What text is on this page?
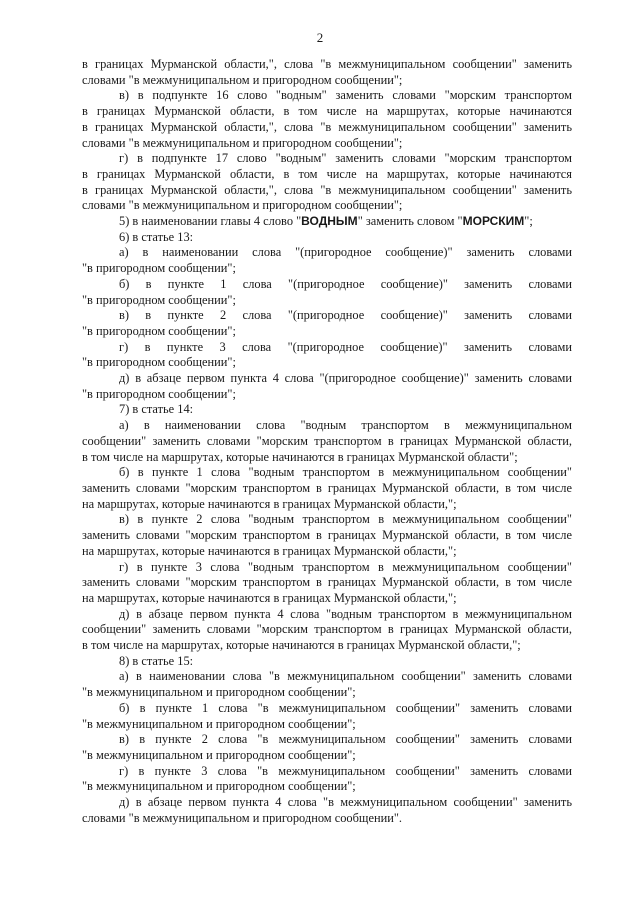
2
в границах Мурманской области,", слова "в межмуниципальном сообщении" заменить
словами "в межмуниципальном и пригородном сообщении";
в) в подпункте 16 слово "водным" заменить словами "морским транспортом
в границах Мурманской области, в том числе на маршрутах, которые начинаются
в границах Мурманской области,", слова "в межмуниципальном сообщении" заменить
словами "в межмуниципальном и пригородном сообщении";
г) в подпункте 17 слово "водным" заменить словами "морским транспортом
в границах Мурманской области, в том числе на маршрутах, которые начинаются
в границах Мурманской области,", слова "в межмуниципальном сообщении" заменить
словами "в межмуниципальном и пригородном сообщении";
5) в наименовании главы 4 слово "ВОДНЫМ" заменить словом "МОРСКИМ";
6) в статье 13:
а) в наименовании слова "(пригородное сообщение)" заменить словами
"в пригородном сообщении";
б) в пункте 1 слова "(пригородное сообщение)" заменить словами
"в пригородном сообщении";
в) в пункте 2 слова "(пригородное сообщение)" заменить словами
"в пригородном сообщении";
г) в пункте 3 слова "(пригородное сообщение)" заменить словами
"в пригородном сообщении";
д) в абзаце первом пункта 4 слова "(пригородное сообщение)" заменить словами
"в пригородном сообщении";
7) в статье 14:
а) в наименовании слова "водным транспортом в межмуниципальном
сообщении" заменить словами "морским транспортом в границах Мурманской области,
в том числе на маршрутах, которые начинаются в границах Мурманской области";
б) в пункте 1 слова "водным транспортом в межмуниципальном сообщении"
заменить словами "морским транспортом в границах Мурманской области, в том числе
на маршрутах, которые начинаются в границах Мурманской области,";
в) в пункте 2 слова "водным транспортом в межмуниципальном сообщении"
заменить словами "морским транспортом в границах Мурманской области, в том числе
на маршрутах, которые начинаются в границах Мурманской области,";
г) в пункте 3 слова "водным транспортом в межмуниципальном сообщении"
заменить словами "морским транспортом в границах Мурманской области, в том числе
на маршрутах, которые начинаются в границах Мурманской области,";
д) в абзаце первом пункта 4 слова "водным транспортом в межмуниципальном
сообщении" заменить словами "морским транспортом в границах Мурманской области,
в том числе на маршрутах, которые начинаются в границах Мурманской области,";
8) в статье 15:
а) в наименовании слова "в межмуниципальном сообщении" заменить словами
"в межмуниципальном и пригородном сообщении";
б) в пункте 1 слова "в межмуниципальном сообщении" заменить словами
"в межмуниципальном и пригородном сообщении";
в) в пункте 2 слова "в межмуниципальном сообщении" заменить словами
"в межмуниципальном и пригородном сообщении";
г) в пункте 3 слова "в межмуниципальном сообщении" заменить словами
"в межмуниципальном и пригородном сообщении";
д) в абзаце первом пункта 4 слова "в межмуниципальном сообщении" заменить
словами "в межмуниципальном и пригородном сообщении".
